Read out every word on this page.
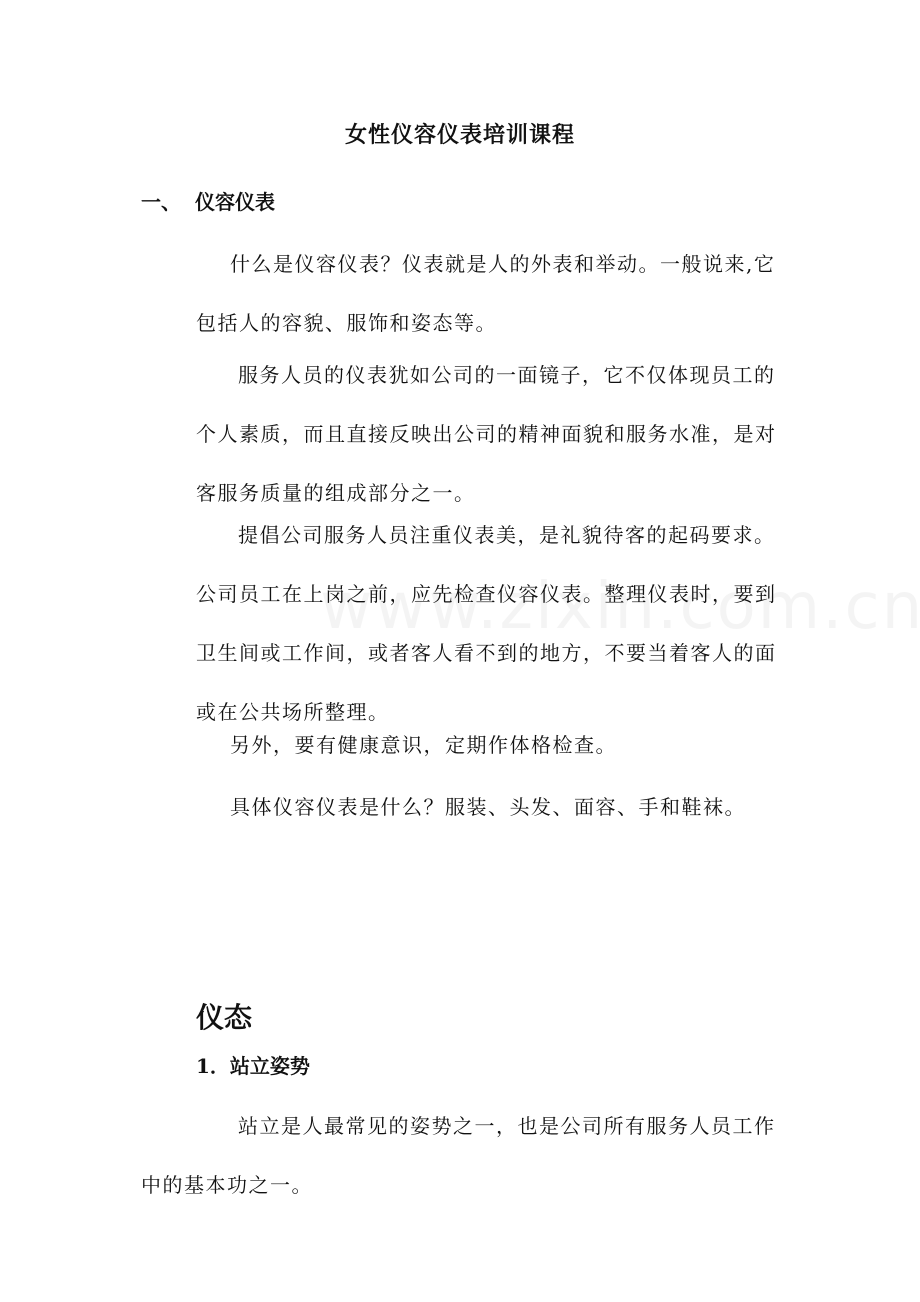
女性仪容仪表培训课程
一、 仪容仪表

什么是仪容仪表？仪表就是人的外表和举动。一般说来,它
包括人的容貌、服饰和姿态等。

服务人员的仪表犹如公司的一面镜子，它不仅体现员工的
个人素质，而且直接反映出公司的精神面貌和服务水准，是对
客服务质量的组成部分之一。

提倡公司服务人员注重仪表美，是礼貌待客的起码要求。
公司员工在上岗之前，应先检查仪容仪表。整理仪表时，要到
卫生间或工作间，或者客人看不到的地方，不要当着客人的面
或在公共场所整理。

另外，要有健康意识，定期作体格检查。

具体仪容仪表是什么？服装、头发、面容、手和鞋袜。

仪态
1．站立姿势

站立是人最常见的姿势之一，也是公司所有服务人员工作
中的基本功之一。
